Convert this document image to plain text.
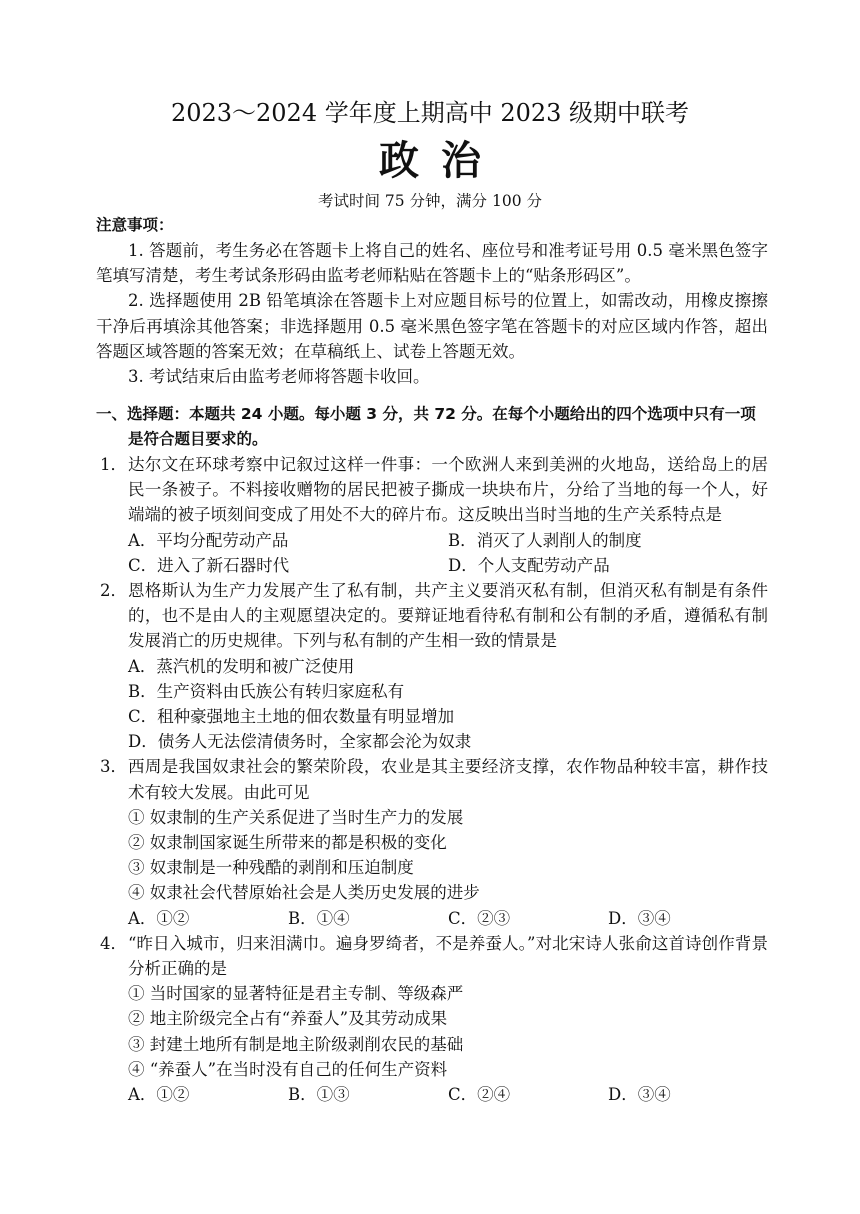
2023～2024 学年度上期高中 2023 级期中联考
政治
考试时间 75 分钟，满分 100 分
注意事项：

1. 答题前，考生务必在答题卡上将自己的姓名、座位号和准考证号用 0.5 毫米黑色签字笔填写清楚，考生考试条形码由监考老师粘贴在答题卡上的“贴条形码区”。

2. 选择题使用 2B 铅笔填涂在答题卡上对应题目标号的位置上，如需改动，用橡皮擦擦干净后再填涂其他答案；非选择题用 0.5 毫米黑色签字笔在答题卡的对应区域内作答，超出答题区域答题的答案无效；在草稿纸上、试卷上答题无效。

3. 考试结束后由监考老师将答题卡收回。

一、选择题：本题共 24 小题。每小题 3 分，共 72 分。在每个小题给出的四个选项中只有一项是符合题目要求的。
1． 达尔文在环球考察中记叙过这样一件事：一个欧洲人来到美洲的火地岛，送给岛上的居民一条被子。不料接收赠物的居民把被子撕成一块块布片，分给了当地的每一个人，好端端的被子顷刻间变成了用处不大的碎片布。这反映出当时当地的生产关系特点是
A．平均分配劳动产品	B．消灭了人剥削人的制度
C．进入了新石器时代	D．个人支配劳动产品
2． 恩格斯认为生产力发展产生了私有制，共产主义要消灭私有制，但消灭私有制是有条件的，也不是由人的主观愿望决定的。要辩证地看待私有制和公有制的矛盾，遵循私有制发展消亡的历史规律。下列与私有制的产生相一致的情景是
A．蒸汽机的发明和被广泛使用
B．生产资料由氏族公有转归家庭私有
C．租种豪强地主土地的佃农数量有明显增加
D．债务人无法偿清债务时，全家都会沦为奴隶
3． 西周是我国奴隶社会的繁荣阶段，农业是其主要经济支撑，农作物品种较丰富，耕作技术有较大发展。由此可见
① 奴隶制的生产关系促进了当时生产力的发展
② 奴隶制国家诞生所带来的都是积极的变化
③ 奴隶制是一种残酷的剥削和压迫制度
④ 奴隶社会代替原始社会是人类历史发展的进步
A．①②	B．①④	C．②③	D．③④
4． “昨日入城市，归来泪满巾。遍身罗绮者，不是养蚕人。”对北宋诗人张俞这首诗创作背景分析正确的是
① 当时国家的显著特征是君主专制、等级森严
② 地主阶级完全占有“养蚕人”及其劳动成果
③ 封建土地所有制是地主阶级剥削农民的基础
④ “养蚕人”在当时没有自己的任何生产资料
A．①②	B．①③	C．②④	D．③④
